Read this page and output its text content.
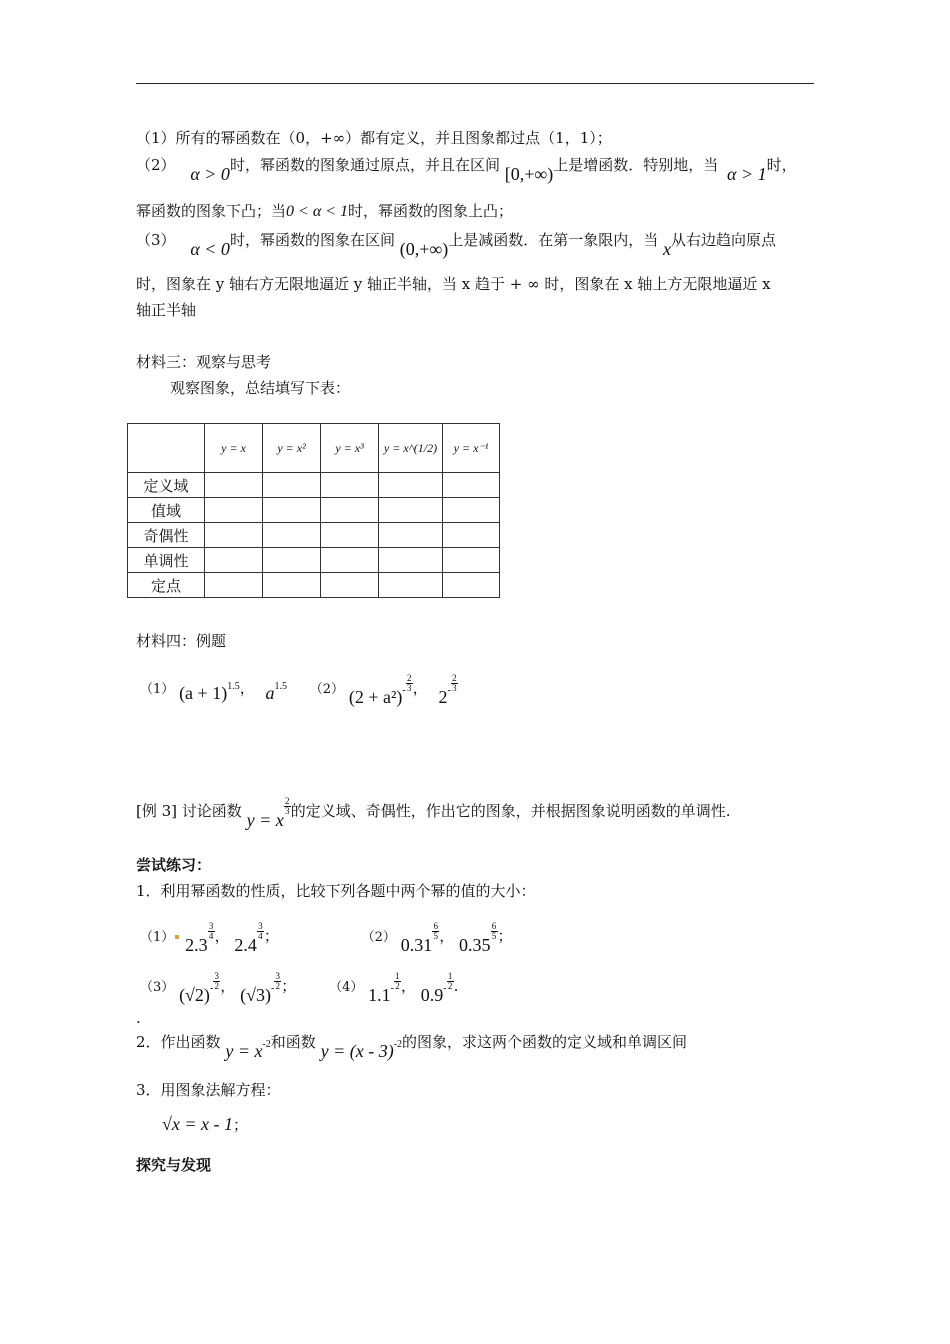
（1）所有的幂函数在（0，+∞）都有定义，并且图象都过点（1，1）；
（2） α > 0时，幂函数的图象通过原点，并且在区间 [0,+∞)上是增函数．特别地，当 α > 1时，
幂函数的图象下凸；当0 < α < 1时，幂函数的图象上凸；
（3） α < 0时，幂函数的图象在区间 (0,+∞)上是减函数．在第一象限内，当 x从右边趋向原点
时，图象在 y 轴右方无限地逼近 y 轴正半轴，当 x 趋于 + ∞ 时，图象在 x 轴上方无限地逼近 x
轴正半轴
材料三：观察与思考
观察图象，总结填写下表：
	y = x	y = x²	y = x³	y = x^(1/2)	y = x⁻¹
定义域					
值域					
奇偶性					
单调性					
定点					
材料四：例题
（1） $(a + 1)^{1.5}$， $a^{1.5}$ （2） $(2 + a^2)^- \frac{2}{3}$ ， $2^- \frac{2}{3}$
[例 3] 讨论函数 y = x
$\frac{2}{3}$ 的定义域、奇偶性，作出它的图象，并根据图象说明函数的单调性.
尝试练习：
1．利用幂函数的性质，比较下列各题中两个幂的值的大小：
（1） 2.3
$\frac{3}{4}$ ， 2.4
$\frac{3}{4}$ ；	（2） 0.31
$\frac{6}{5}$ ， 0.35
$\frac{6}{5}$ ；
（3） $(√2)^- \frac{3}{2}$ ， $(√3)^- \frac{3}{2}$ ；	（4） $1.1^- \frac{1}{2}$ ， $0.9^- \frac{1}{2}$ .
.
2．作出函数 $y = x^{-2}$和函数 y = (x - 3)$^{-2}$的图象，求这两个函数的定义域和单调区间
3．用图象法解方程：
√x = x - 1；
探究与发现
